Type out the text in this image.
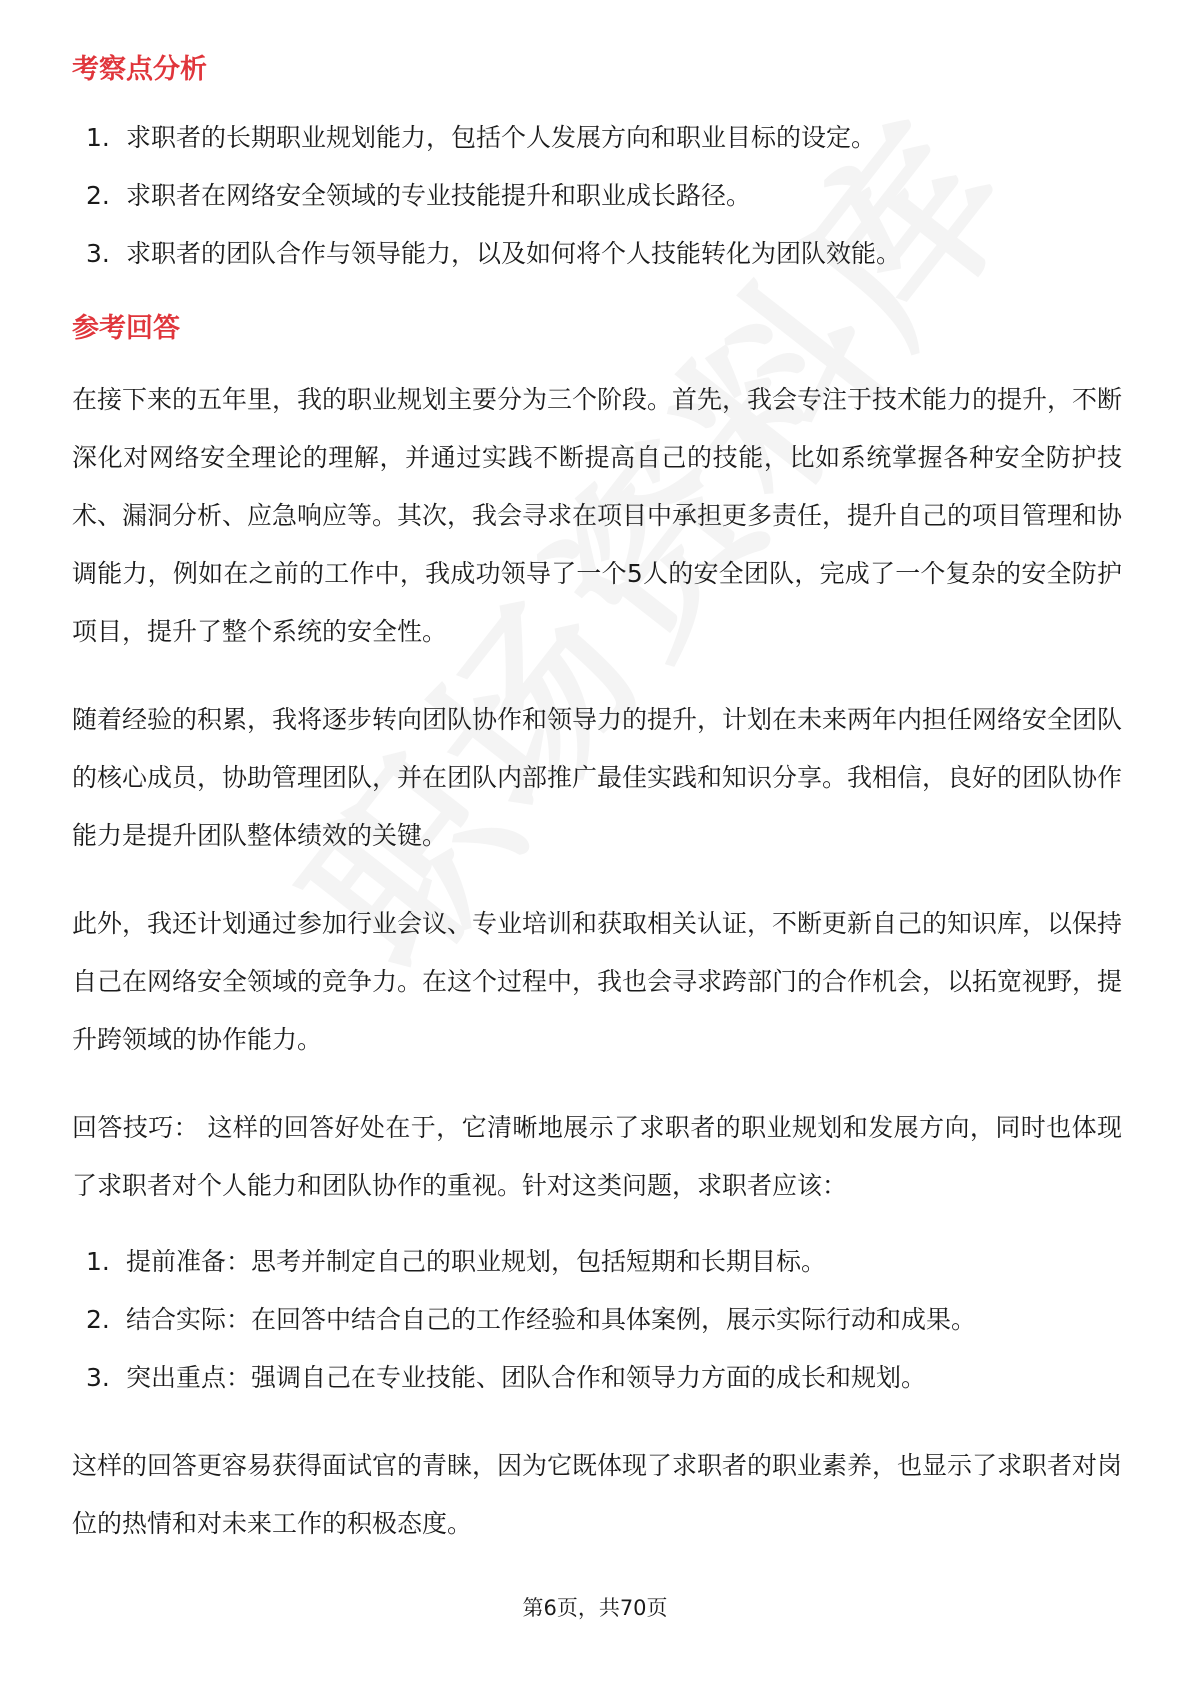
考察点分析
1. 求职者的长期职业规划能力，包括个人发展方向和职业目标的设定。
2. 求职者在网络安全领域的专业技能提升和职业成长路径。
3. 求职者的团队合作与领导能力，以及如何将个人技能转化为团队效能。
参考回答

在接下来的五年里，我的职业规划主要分为三个阶段。首先，我会专注于技术能力的提升，不断深化对网络安全理论的理解，并通过实践不断提高自己的技能，比如系统掌握各种安全防护技术、漏洞分析、应急响应等。其次，我会寻求在项目中承担更多责任，提升自己的项目管理和协调能力，例如在之前的工作中，我成功领导了一个5人的安全团队，完成了一个复杂的安全防护项目，提升了整个系统的安全性。

随着经验的积累，我将逐步转向团队协作和领导力的提升，计划在未来两年内担任网络安全团队的核心成员，协助管理团队，并在团队内部推广最佳实践和知识分享。我相信，良好的团队协作能力是提升团队整体绩效的关键。

此外，我还计划通过参加行业会议、专业培训和获取相关认证，不断更新自己的知识库，以保持自己在网络安全领域的竞争力。在这个过程中，我也会寻求跨部门的合作机会，以拓宽视野，提升跨领域的协作能力。

回答技巧： 这样的回答好处在于，它清晰地展示了求职者的职业规划和发展方向，同时也体现了求职者对个人能力和团队协作的重视。针对这类问题，求职者应该：

1. 提前准备：思考并制定自己的职业规划，包括短期和长期目标。
2. 结合实际：在回答中结合自己的工作经验和具体案例，展示实际行动和成果。
3. 突出重点：强调自己在专业技能、团队合作和领导力方面的成长和规划。

这样的回答更容易获得面试官的青睐，因为它既体现了求职者的职业素养，也显示了求职者对岗位的热情和对未来工作的积极态度。

第6页，共70页
